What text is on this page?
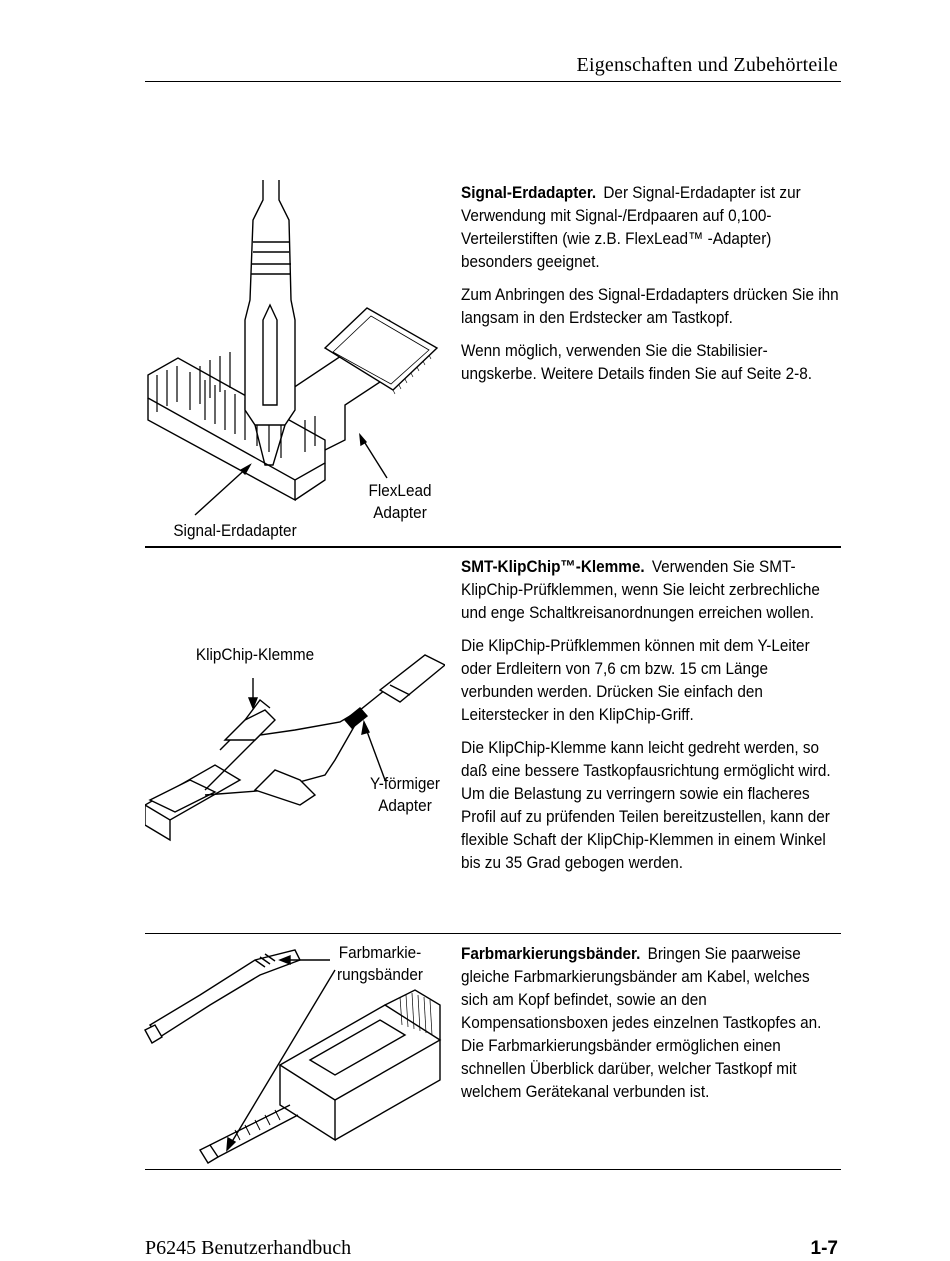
Eigenschaften und Zubehörteile

Signal-Erdadapter. Der Signal-Erdadapter ist zur Verwendung mit Signal-/Erdpaaren auf 0,100-Verteilerstiften (wie z.B. FlexLead™ -Adapter) besonders geeignet.

Zum Anbringen des Signal-Erdadapters drücken Sie ihn langsam in den Erdstecker am Tastkopf.

Wenn möglich, verwenden Sie die Stabilisier-ungskerbe. Weitere Details finden Sie auf Seite 2-8.

Signal-Erdadapter
FlexLead Adapter

SMT-KlipChip™-Klemme. Verwenden Sie SMT-KlipChip-Prüfklemmen, wenn Sie leicht zerbrechliche und enge Schaltkreisanordnungen erreichen wollen.

Die KlipChip-Prüfklemmen können mit dem Y-Leiter oder Erdleitern von 7,6 cm bzw. 15 cm Länge verbunden werden. Drücken Sie einfach den Leiterstecker in den KlipChip-Griff.

Die KlipChip-Klemme kann leicht gedreht werden, so daß eine bessere Tastkopfausrichtung ermöglicht wird. Um die Belastung zu verringern sowie ein flacheres Profil auf zu prüfenden Teilen bereitzustellen, kann der flexible Schaft der KlipChip-Klemmen in einem Winkel bis zu 35 Grad gebogen werden.

KlipChip-Klemme
Y-förmiger Adapter

Farbmarkierungsbänder. Bringen Sie paarweise gleiche Farbmarkierungsbänder am Kabel, welches sich am Kopf befindet, sowie an den Kompensationsboxen jedes einzelnen Tastkopfes an. Die Farbmarkierungsbänder ermöglichen einen schnellen Überblick darüber, welcher Tastkopf mit welchem Gerätekanal verbunden ist.

Farbmarkie-rungsbänder
P6245 Benutzerhandbuch	1-7
